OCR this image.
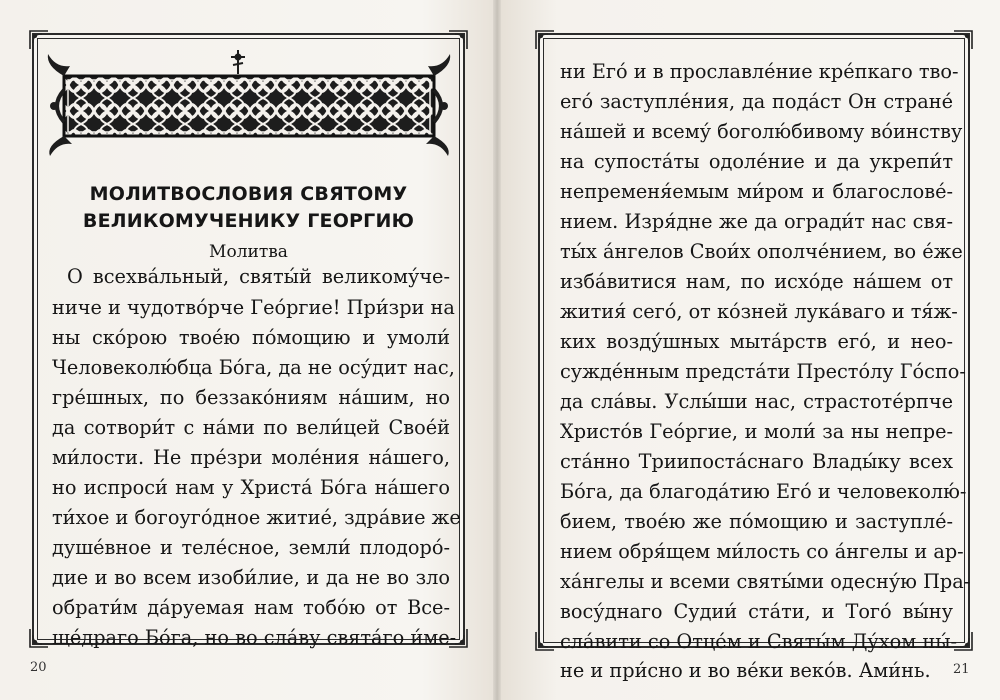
МОЛИТВОСЛОВИЯ СВЯТОМУ
ВЕЛИКОМУЧЕНИКУ ГЕОРГИЮ
Молитва
О всехва́льный, святы́й великому́че-
ниче и чудотво́рче Гео́ргие! При́зри на
ны ско́рою твое́ю по́мощию и умоли́
Человеколю́бца Бо́га, да не осу́дит нас,
гре́шных, по беззако́ниям на́шим, но
да сотвори́т с на́ми по вели́цей Свое́й
ми́лости. Не пре́зри моле́ния на́шего,
но испроси́ нам у Христа́ Бо́га на́шего
ти́хое и богоуго́дное житие́, здра́вие же
душе́вное и теле́сное, земли́ плодоро́-
дие и во всем изоби́лие, и да не во зло
обрати́м да́руемая нам тобо́ю от Все-
ще́драго Бо́га, но во сла́ву свята́го и́ме-
ни Его́ и в прославле́ние кре́пкаго тво-
его́ заступле́ния, да пода́ст Он стране́
на́шей и всему́ боголю́бивому во́инству
на супоста́ты одоле́ние и да укрепи́т
непременя́емым ми́ром и благослове́-
нием. Изря́дне же да огради́т нас свя-
ты́х а́нгелов Свои́х ополче́нием, во е́же
изба́витися нам, по исхо́де на́шем от
жития́ сего́, от ко́зней лука́ваго и тя́ж-
ких возду́шных мыта́рств его́, и нео-
сужде́нным предста́ти Престо́лу Го́спо-
да сла́вы. Услы́ши нас, страстоте́рпче
Христо́в Гео́ргие, и моли́ за ны непре-
ста́нно Триипоста́снаго Влады́ку всех
Бо́га, да благода́тию Его́ и человеколю́-
бием, твое́ю же по́мощию и заступле́-
нием обря́щем ми́лость со а́нгелы и ар-
ха́нгелы и всеми святы́ми одесну́ю Пра-
восу́днаго Судии́ ста́ти, и Того́ вы́ну
сла́вити со Отце́м и Святы́м Ду́хом ны́-
не и при́сно и во ве́ки веко́в. Ами́нь.
20	21
